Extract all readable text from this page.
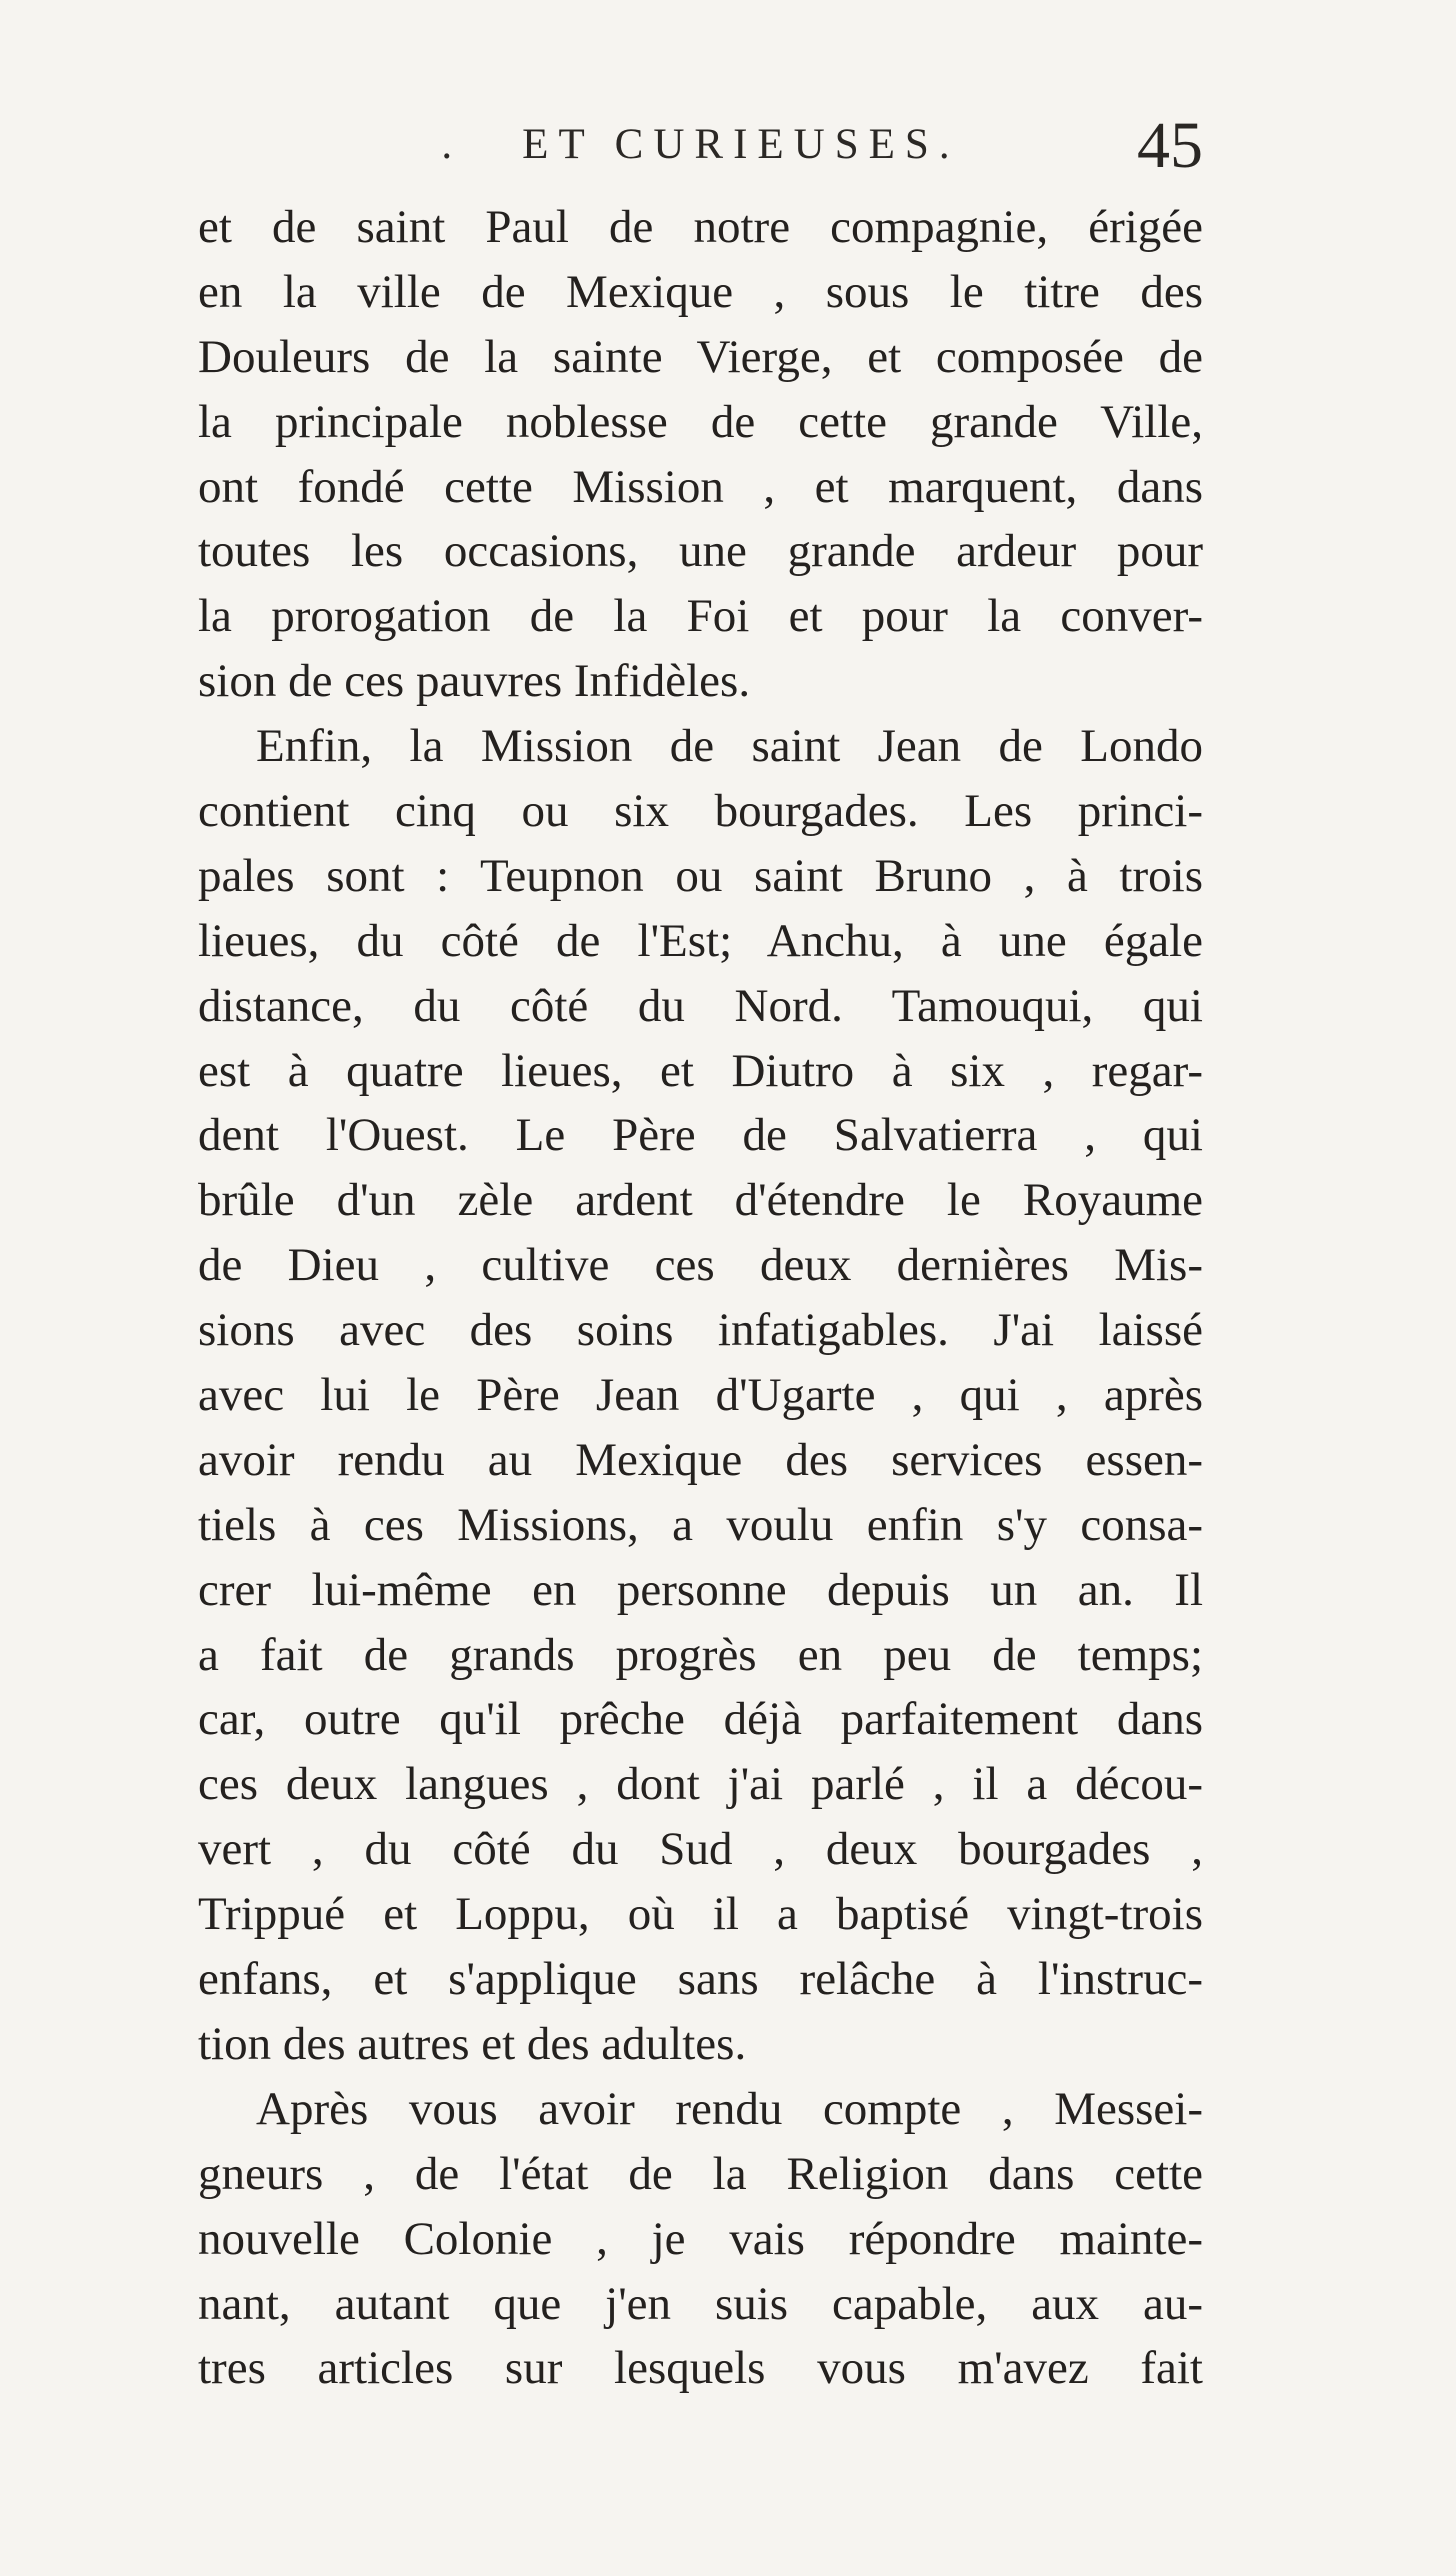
. ET CURIEUSES.	45
et de saint Paul de notre compagnie, érigée
en la ville de Mexique , sous le titre des
Douleurs de la sainte Vierge, et composée de
la principale noblesse de cette grande Ville,
ont fondé cette Mission , et marquent, dans
toutes les occasions, une grande ardeur pour
la prorogation de la Foi et pour la conver-
sion de ces pauvres Infidèles.
Enfin, la Mission de saint Jean de Londo
contient cinq ou six bourgades. Les princi-
pales sont : Teupnon ou saint Bruno , à trois
lieues, du côté de l'Est; Anchu, à une égale
distance, du côté du Nord. Tamouqui, qui
est à quatre lieues, et Diutro à six , regar-
dent l'Ouest. Le Père de Salvatierra , qui
brûle d'un zèle ardent d'étendre le Royaume
de Dieu , cultive ces deux dernières Mis-
sions avec des soins infatigables. J'ai laissé
avec lui le Père Jean d'Ugarte , qui , après
avoir rendu au Mexique des services essen-
tiels à ces Missions, a voulu enfin s'y consa-
crer lui-même en personne depuis un an. Il
a fait de grands progrès en peu de temps;
car, outre qu'il prêche déjà parfaitement dans
ces deux langues , dont j'ai parlé , il a décou-
vert , du côté du Sud , deux bourgades ,
Trippué et Loppu, où il a baptisé vingt-trois
enfans, et s'applique sans relâche à l'instruc-
tion des autres et des adultes.
Après vous avoir rendu compte , Messei-
gneurs , de l'état de la Religion dans cette
nouvelle Colonie , je vais répondre mainte-
nant, autant que j'en suis capable, aux au-
tres articles sur lesquels vous m'avez fait
